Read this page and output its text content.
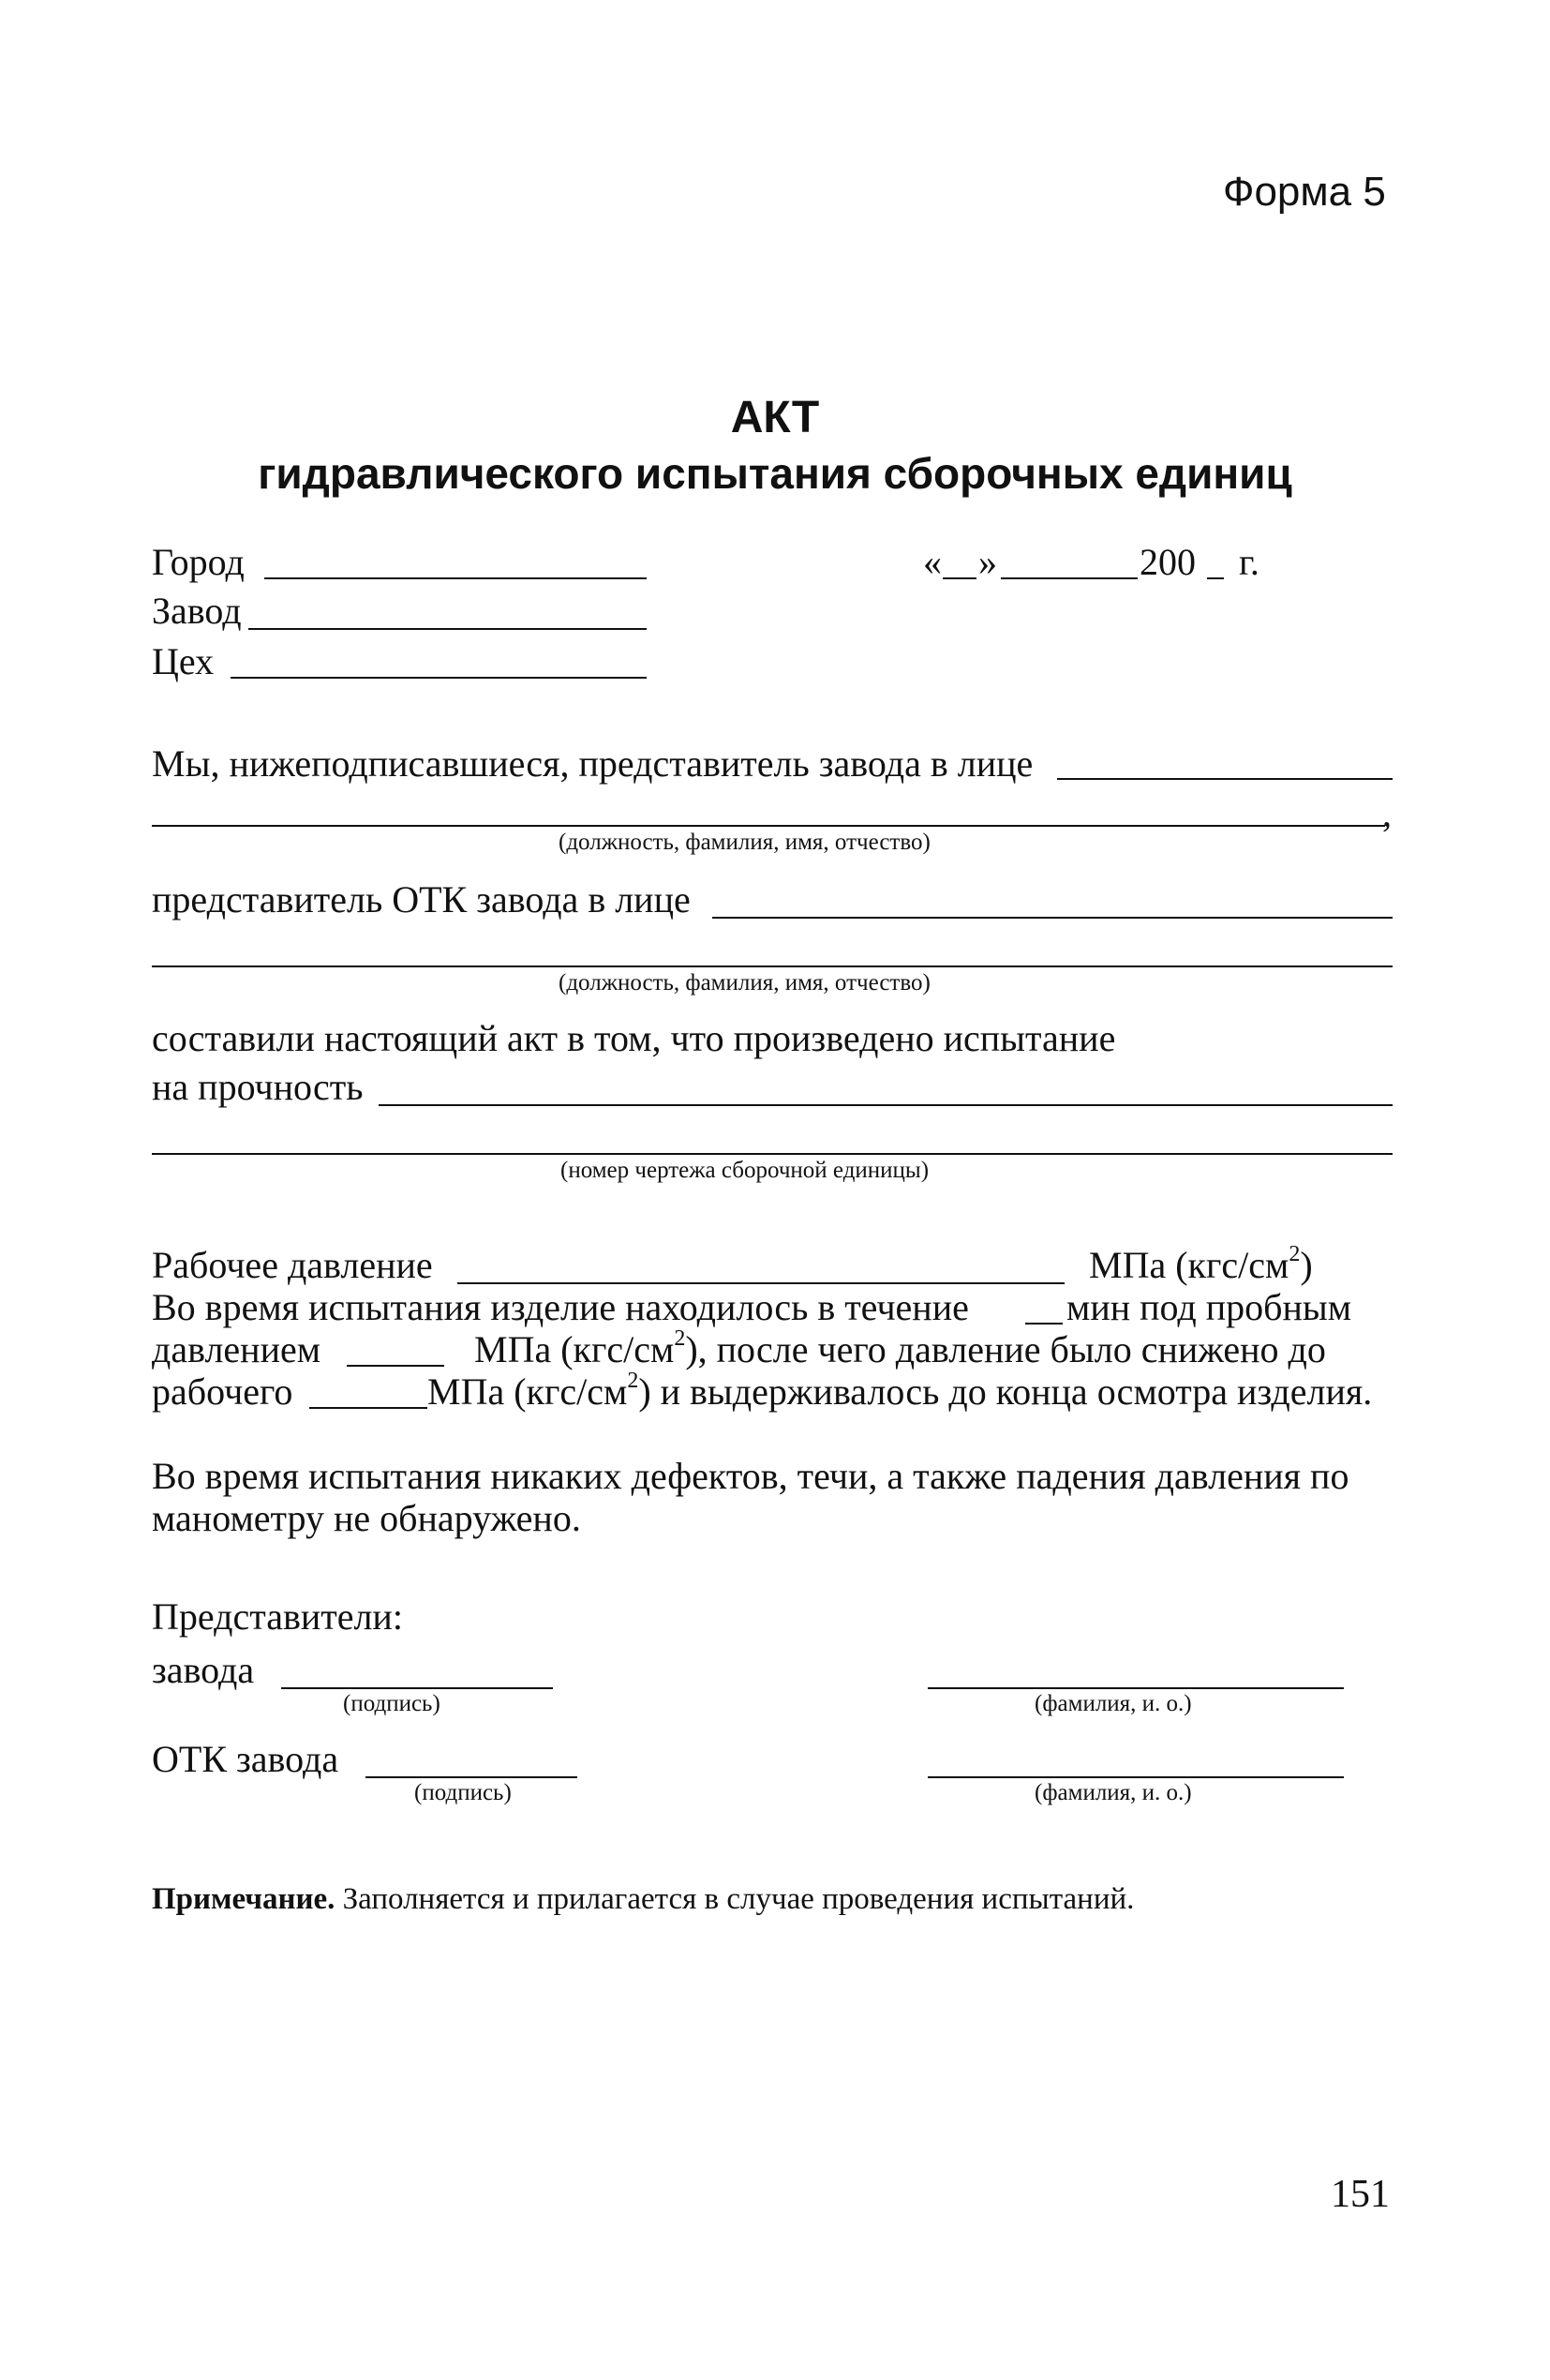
Форма 5
АКТ
гидравлического испытания сборочных единиц
Город	« »	200 г.
Завод
Цех
Мы, нижеподписавшиеся, представитель завода в лице
,
(должность, фамилия, имя, отчество)
представитель ОТК завода в лице
(должность, фамилия, имя, отчество)
составили настоящий акт в том, что произведено испытание
на прочность
(номер чертежа сборочной единицы)
Рабочее давление	МПа $(кгс/см^2)$
Во время испытания изделие находилось в течение	мин под пробным
давлением	МПа $(кгс/см^2)$, после чего давление было снижено до
рабочего	МПа $(кгс/см^2)$ и выдерживалось до конца осмотра изделия.
Во время испытания никаких дефектов, течи, а также падения давления по
манометру не обнаружено.
Представители:
завода
(подпись)	(фамилия, и. о.)
ОТК завода
(подпись)	(фамилия, и. о.)
Примечание. Заполняется и прилагается в случае проведения испытаний.
151
